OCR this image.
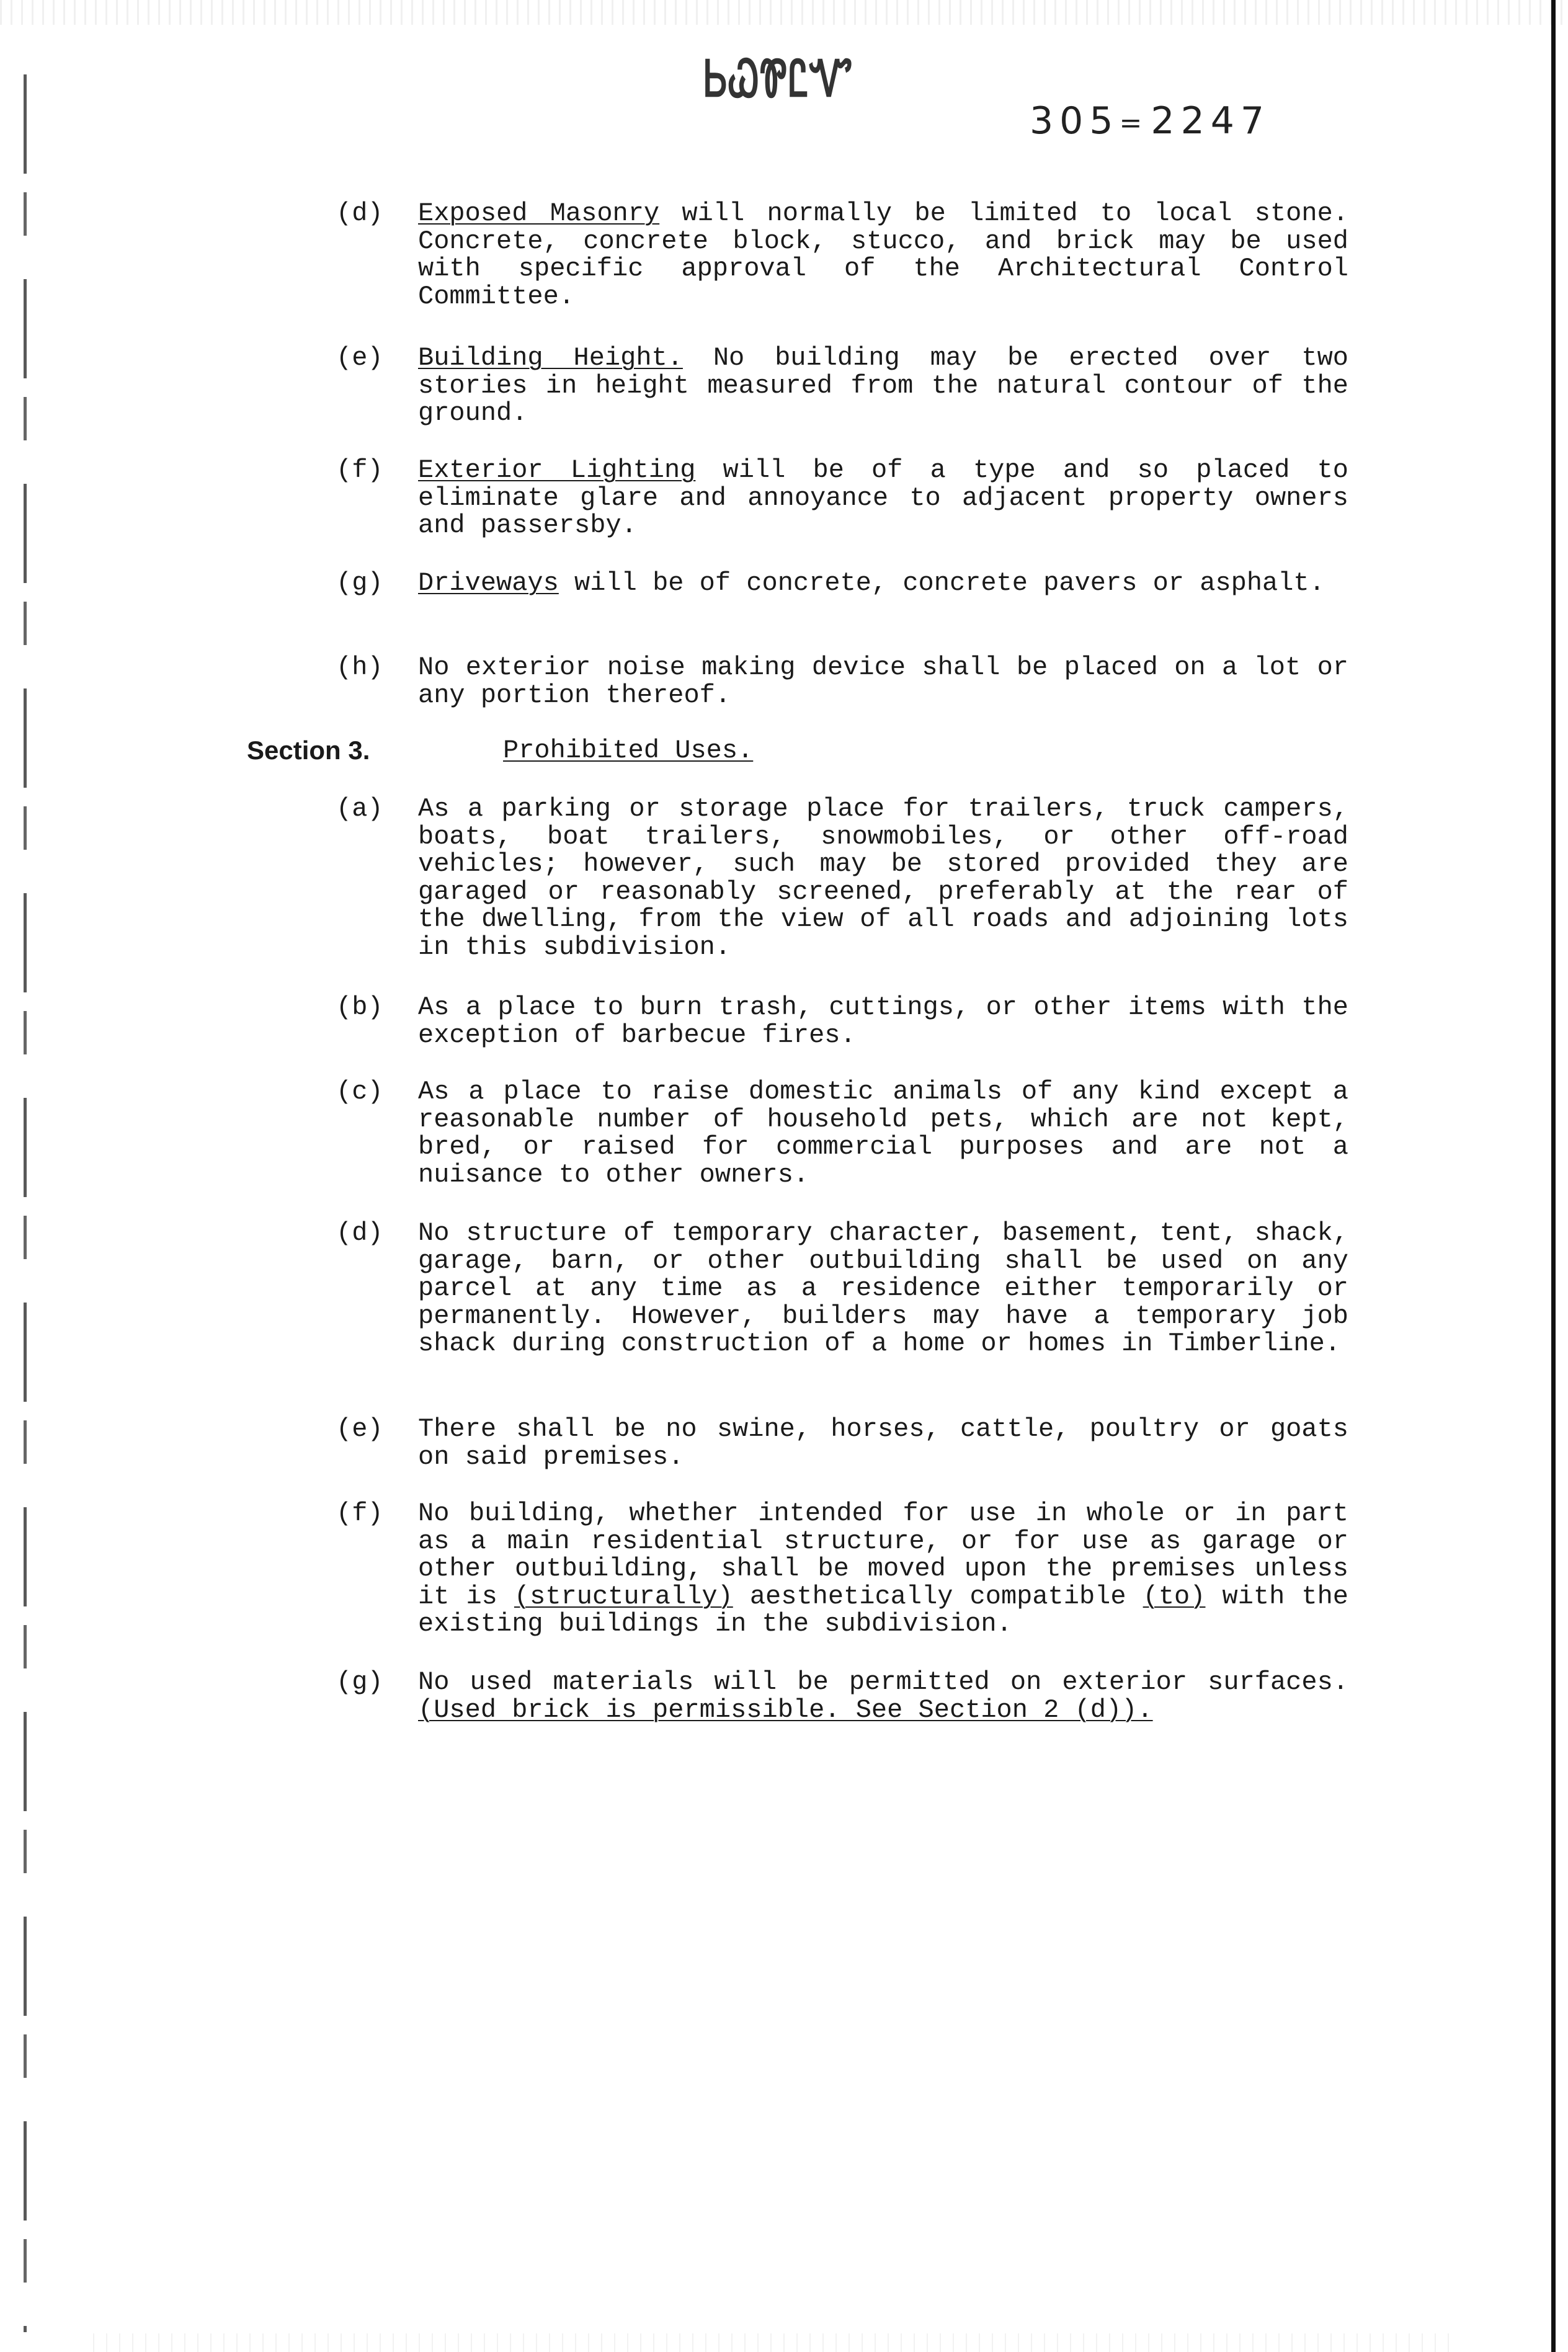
ᏏᏇᏈᏝᏉ
305=2247
(d) Exposed Masonry will normally be limited to local stone. Concrete, concrete block, stucco, and brick may be used with specific approval of the Architectural Control Committee.
(e) Building Height. No building may be erected over two stories in height measured from the natural contour of the ground.
(f) Exterior Lighting will be of a type and so placed to eliminate glare and annoyance to adjacent property owners and passersby.
(g) Driveways will be of concrete, concrete pavers or asphalt.
(h) No exterior noise making device shall be placed on a lot or any portion thereof.
Section 3.	Prohibited Uses.
(a) As a parking or storage place for trailers, truck campers, boats, boat trailers, snowmobiles, or other off-road vehicles; however, such may be stored provided they are garaged or reasonably screened, preferably at the rear of the dwelling, from the view of all roads and adjoining lots in this subdivision.
(b) As a place to burn trash, cuttings, or other items with the exception of barbecue fires.
(c) As a place to raise domestic animals of any kind except a reasonable number of household pets, which are not kept, bred, or raised for commercial purposes and are not a nuisance to other owners.
(d) No structure of temporary character, basement, tent, shack, garage, barn, or other outbuilding shall be used on any parcel at any time as a residence either temporarily or permanently. However, builders may have a temporary job shack during construction of a home or homes in Timberline.
(e) There shall be no swine, horses, cattle, poultry or goats on said premises.
(f) No building, whether intended for use in whole or in part as a main residential structure, or for use as garage or other outbuilding, shall be moved upon the premises unless it is (structurally) aesthetically compatible (to) with the existing buildings in the subdivision.
(g) No used materials will be permitted on exterior surfaces. (Used brick is permissible. See Section 2 (d)).
